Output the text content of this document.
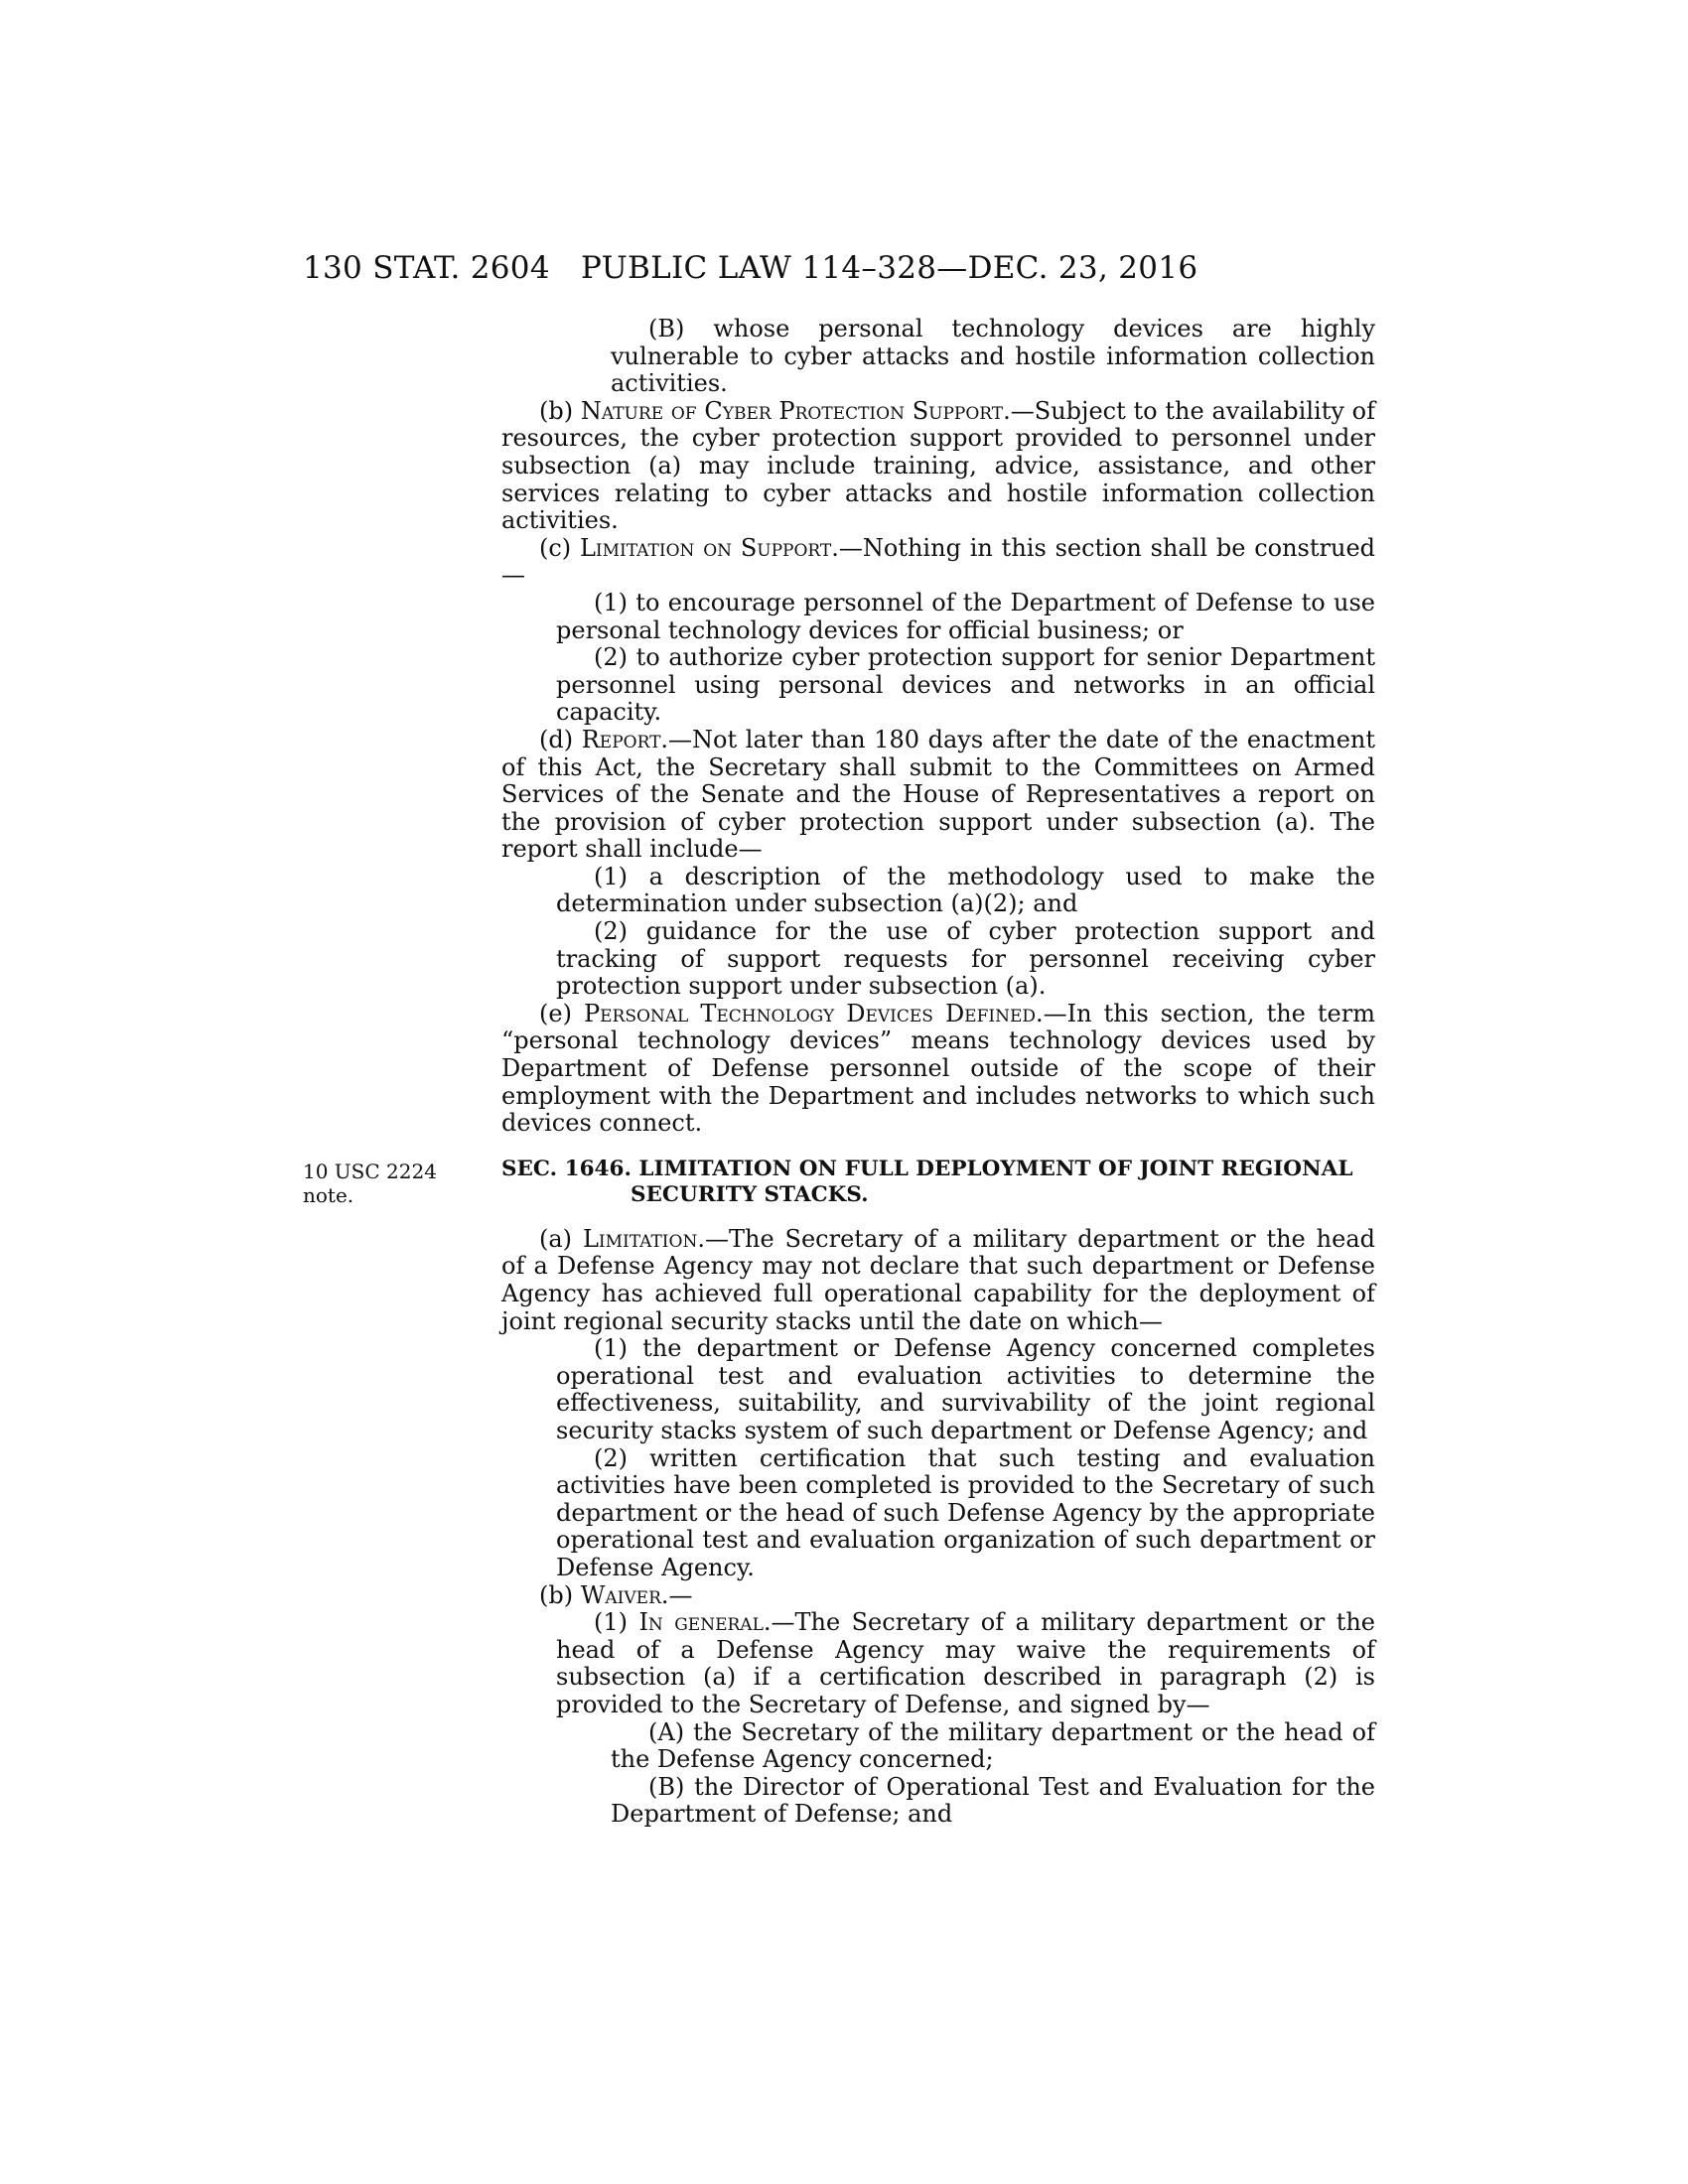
130 STAT. 2604 PUBLIC LAW 114–328—DEC. 23, 2016
10 USC 2224
note.

(B) whose personal technology devices are highly vulnerable to cyber attacks and hostile information collection activities.

(b) Nature of Cyber Protection Support.—Subject to the availability of resources, the cyber protection support provided to personnel under subsection (a) may include training, advice, assistance, and other services relating to cyber attacks and hostile information collection activities.

(c) Limitation on Support.—Nothing in this section shall be construed—

(1) to encourage personnel of the Department of Defense to use personal technology devices for official business; or

(2) to authorize cyber protection support for senior Department personnel using personal devices and networks in an official capacity.

(d) Report.—Not later than 180 days after the date of the enactment of this Act, the Secretary shall submit to the Committees on Armed Services of the Senate and the House of Representatives a report on the provision of cyber protection support under subsection (a). The report shall include—

(1) a description of the methodology used to make the determination under subsection (a)(2); and

(2) guidance for the use of cyber protection support and tracking of support requests for personnel receiving cyber protection support under subsection (a).

(e) Personal Technology Devices Defined.—In this section, the term “personal technology devices” means technology devices used by Department of Defense personnel outside of the scope of their employment with the Department and includes networks to which such devices connect.

SEC. 1646. LIMITATION ON FULL DEPLOYMENT OF JOINT REGIONAL SECURITY STACKS.

(a) Limitation.—The Secretary of a military department or the head of a Defense Agency may not declare that such department or Defense Agency has achieved full operational capability for the deployment of joint regional security stacks until the date on which—

(1) the department or Defense Agency concerned completes operational test and evaluation activities to determine the effectiveness, suitability, and survivability of the joint regional security stacks system of such department or Defense Agency; and

(2) written certification that such testing and evaluation activities have been completed is provided to the Secretary of such department or the head of such Defense Agency by the appropriate operational test and evaluation organization of such department or Defense Agency.

(b) Waiver.—

(1) In general.—The Secretary of a military department or the head of a Defense Agency may waive the requirements of subsection (a) if a certification described in paragraph (2) is provided to the Secretary of Defense, and signed by—

(A) the Secretary of the military department or the head of the Defense Agency concerned;

(B) the Director of Operational Test and Evaluation for the Department of Defense; and
